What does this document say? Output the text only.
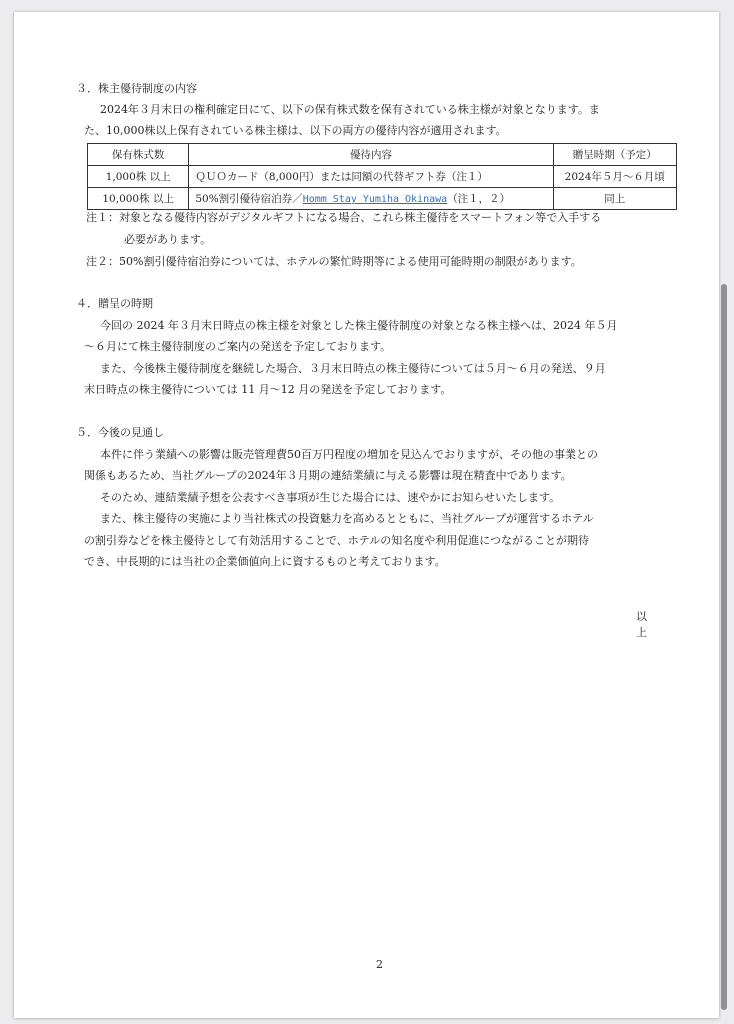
３．株主優待制度の内容
2024年３月末日の権利確定日にて、以下の保有株式数を保有されている株主様が対象となります。ま
た、10,000株以上保有されている株主様は、以下の両方の優待内容が適用されます。
保有株式数	優待内容	贈呈時期（予定）
1,000株 以上	ＱＵＯカード（8,000円）または同額の代替ギフト券（注１）	2024年５月～６月頃
10,000株 以上	50%割引優待宿泊券／Homm Stay Yumiha Okinawa（注１，２）	同上
注１：対象となる優待内容がデジタルギフトになる場合、これら株主優待をスマートフォン等で入手する
必要があります。
注２：50%割引優待宿泊券については、ホテルの繁忙時期等による使用可能時期の制限があります。
４．贈呈の時期
今回の 2024 年３月末日時点の株主様を対象とした株主優待制度の対象となる株主様へは、2024 年５月
～６月にて株主優待制度のご案内の発送を予定しております。
また、今後株主優待制度を継続した場合、３月末日時点の株主優待については５月～６月の発送、９月
末日時点の株主優待については 11 月～12 月の発送を予定しております。
５．今後の見通し
本件に伴う業績への影響は販売管理費50百万円程度の増加を見込んでおりますが、その他の事業との
関係もあるため、当社グループの2024年３月期の連結業績に与える影響は現在精査中であります。
そのため、連結業績予想を公表すべき事項が生じた場合には、速やかにお知らせいたします。
また、株主優待の実施により当社株式の投資魅力を高めるとともに、当社グループが運営するホテル
の割引券などを株主優待として有効活用することで、ホテルの知名度や利用促進につながることが期待
でき、中長期的には当社の企業価値向上に資するものと考えております。
以　上
2
